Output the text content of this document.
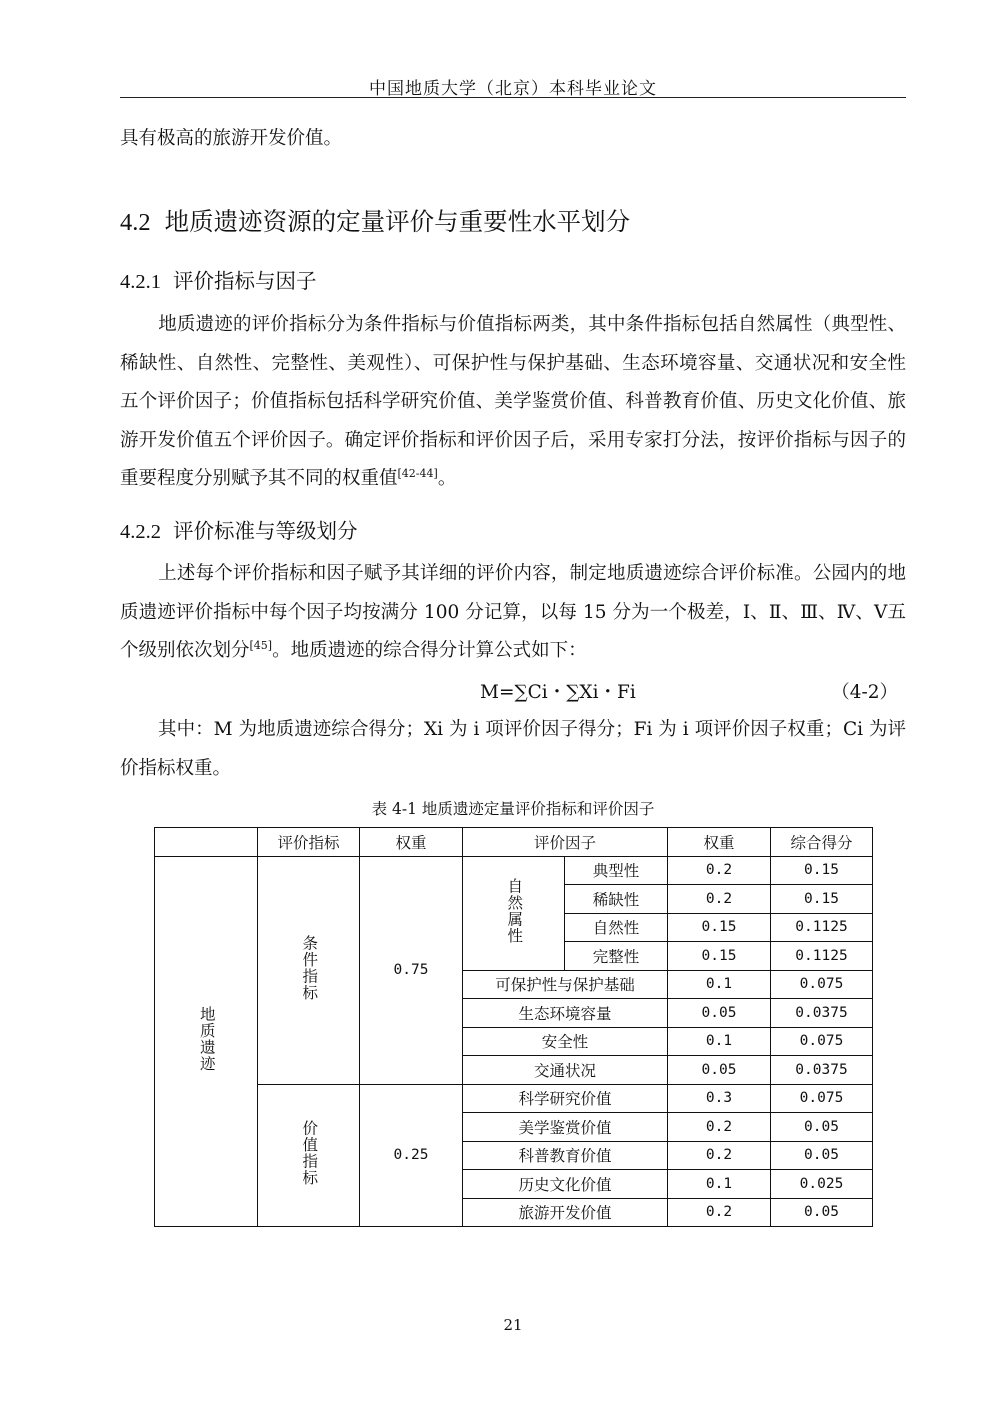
中国地质大学（北京）本科毕业论文

具有极高的旅游开发价值。

4.2 地质遗迹资源的定量评价与重要性水平划分
4.2.1 评价指标与因子

地质遗迹的评价指标分为条件指标与价值指标两类，其中条件指标包括自然属性（典型性、稀缺性、自然性、完整性、美观性）、可保护性与保护基础、生态环境容量、交通状况和安全性五个评价因子；价值指标包括科学研究价值、美学鉴赏价值、科普教育价值、历史文化价值、旅游开发价值五个评价因子。确定评价指标和评价因子后，采用专家打分法，按评价指标与因子的重要程度分别赋予其不同的权重值[42-44]。

4.2.2 评价标准与等级划分

上述每个评价指标和因子赋予其详细的评价内容，制定地质遗迹综合评价标准。公园内的地质遗迹评价指标中每个因子均按满分 100 分记算，以每 15 分为一个极差，Ⅰ、Ⅱ、Ⅲ、Ⅳ、Ⅴ五个级别依次划分[45]。地质遗迹的综合得分计算公式如下：

M=∑Ci・∑Xi・Fi	（4-2）

其中：M 为地质遗迹综合得分；Xi 为 i 项评价因子得分；Fi 为 i 项评价因子权重；Ci 为评价指标权重。

表 4-1 地质遗迹定量评价指标和评价因子
	评价指标	权重	评价因子		权重	综合得分
地质遗迹	条件指标	0.75	自然属性	典型性	0.2	0.15
				稀缺性	0.2	0.15
				自然性	0.15	0.1125
				完整性	0.15	0.1125
			可保护性与保护基础		0.1	0.075
			生态环境容量		0.05	0.0375
			安全性		0.1	0.075
			交通状况		0.05	0.0375
	价值指标	0.25	科学研究价值		0.3	0.075
			美学鉴赏价值		0.2	0.05
			科普教育价值		0.2	0.05
			历史文化价值		0.1	0.025
			旅游开发价值		0.2	0.05
21
